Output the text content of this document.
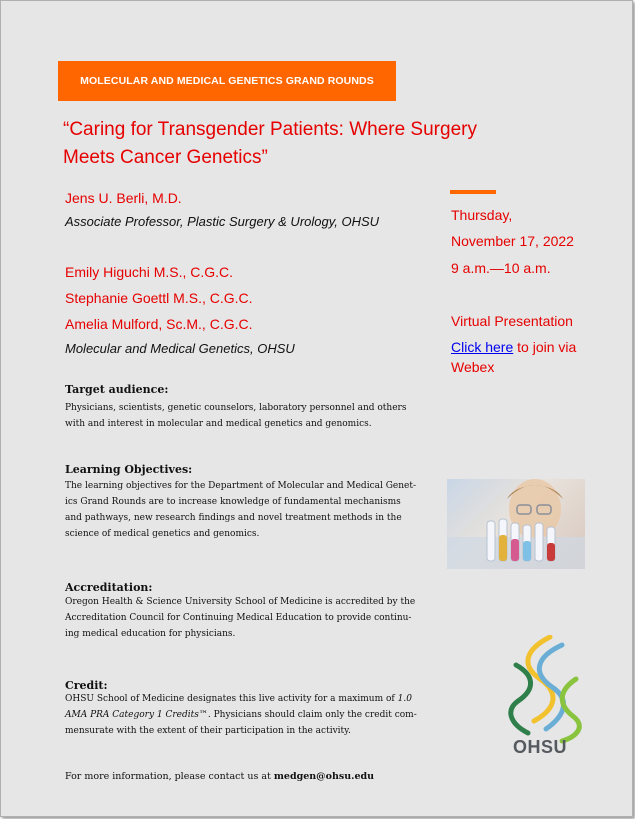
MOLECULAR AND MEDICAL GENETICS GRAND ROUNDS
“Caring for Transgender Patients: Where Surgery
Meets Cancer Genetics”
Jens U. Berli, M.D.
Associate Professor, Plastic Surgery & Urology, OHSU
Emily Higuchi M.S., C.G.C.
Stephanie Goettl M.S., C.G.C.
Amelia Mulford, Sc.M., C.G.C.
Molecular and Medical Genetics, OHSU
Thursday,
November 17, 2022
9 a.m.—10 a.m.
Virtual Presentation
Click here to join via
Webex
Target audience:
Physicians, scientists, genetic counselors, laboratory personnel and others
with and interest in molecular and medical genetics and genomics.
Learning Objectives:
The learning objectives for the Department of Molecular and Medical Genet-
ics Grand Rounds are to increase knowledge of fundamental mechanisms
and pathways, new research findings and novel treatment methods in the
science of medical genetics and genomics.
Accreditation:
Oregon Health & Science University School of Medicine is accredited by the
Accreditation Council for Continuing Medical Education to provide continu-
ing medical education for physicians.
Credit:
OHSU School of Medicine designates this live activity for a maximum of 1.0
AMA PRA Category 1 Credits™. Physicians should claim only the credit com-
mensurate with the extent of their participation in the activity.
OHSU
For more information, please contact us at medgen@ohsu.edu
